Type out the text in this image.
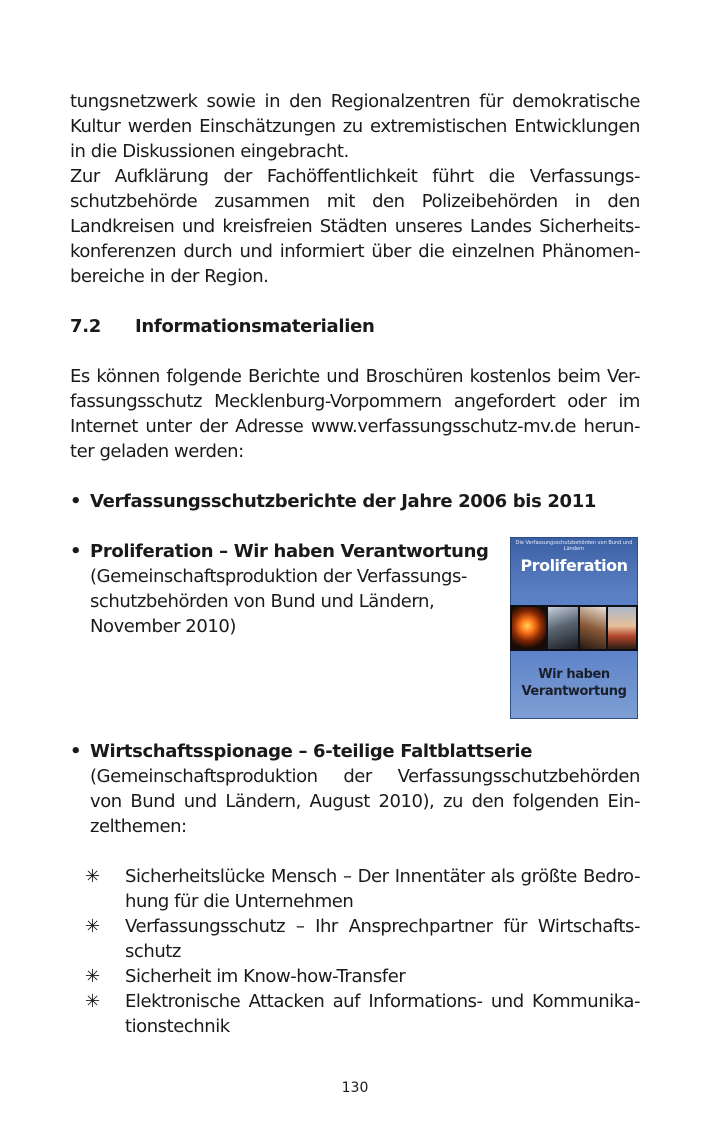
tungsnetzwerk sowie in den Regionalzentren für demokratische
Kultur werden Einschätzungen zu extremistischen Entwicklungen
in die Diskussionen eingebracht.
Zur Aufklärung der Fachöffentlichkeit führt die Verfassungs-
schutzbehörde zusammen mit den Polizeibehörden in den
Landkreisen und kreisfreien Städten unseres Landes Sicherheits-
konferenzen durch und informiert über die einzelnen Phänomen-
bereiche in der Region.
7.2 Informationsmaterialien
Es können folgende Berichte und Broschüren kostenlos beim Ver-
fassungsschutz Mecklenburg-Vorpommern angefordert oder im
Internet unter der Adresse www.verfassungsschutz-mv.de herun-
ter geladen werden:
• Verfassungsschutzberichte der Jahre 2006 bis 2011
• Proliferation – Wir haben Verantwortung
(Gemeinschaftsproduktion der Verfassungs-
schutzbehörden von Bund und Ländern,
November 2010)
• Wirtschaftsspionage – 6-teilige Faltblattserie
(Gemeinschaftsproduktion der Verfassungsschutzbehörden
von Bund und Ländern, August 2010), zu den folgenden Ein-
zelthemen:
✳ Sicherheitslücke Mensch – Der Innentäter als größte Bedro-
hung für die Unternehmen
✳ Verfassungsschutz – Ihr Ansprechpartner für Wirtschafts-
schutz
✳ Sicherheit im Know-how-Transfer
✳ Elektronische Attacken auf Informations- und Kommunika-
tionstechnik
130
Die Verfassungsschutzbehörden von Bund und Ländern
Proliferation
Wir haben
Verantwortung
